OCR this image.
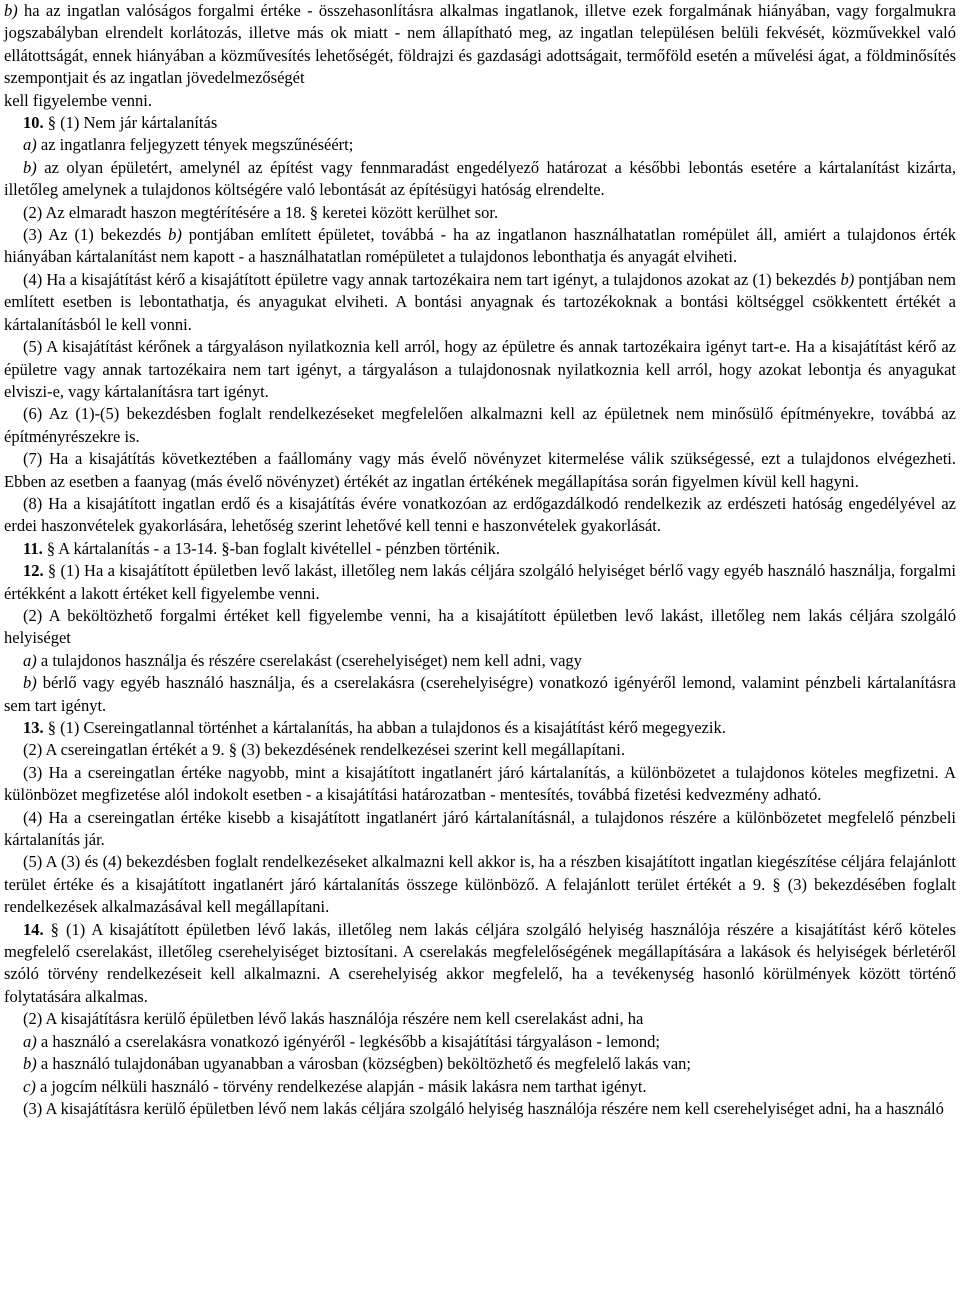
b) ha az ingatlan valóságos forgalmi értéke - összehasonlításra alkalmas ingatlanok, illetve ezek forgalmának hiányában, vagy forgalmukra jogszabályban elrendelt korlátozás, illetve más ok miatt - nem állapítható meg, az ingatlan településen belüli fekvését, közművekkel való ellátottságát, ennek hiányában a közművesítés lehetőségét, földrajzi és gazdasági adottságait, termőföld esetén a művelési ágat, a földminősítés szempontjait és az ingatlan jövedelmezőségét

kell figyelembe venni.

10. § (1) Nem jár kártalanítás

a) az ingatlanra feljegyzett tények megszűnéséért;

b) az olyan épületért, amelynél az építést vagy fennmaradást engedélyező határozat a későbbi lebontás esetére a kártalanítást kizárta, illetőleg amelynek a tulajdonos költségére való lebontását az építésügyi hatóság elrendelte.

(2) Az elmaradt haszon megtérítésére a 18. § keretei között kerülhet sor.

(3) Az (1) bekezdés b) pontjában említett épületet, továbbá - ha az ingatlanon használhatatlan romépület áll, amiért a tulajdonos érték hiányában kártalanítást nem kapott - a használhatatlan romépületet a tulajdonos lebonthatja és anyagát elviheti.

(4) Ha a kisajátítást kérő a kisajátított épületre vagy annak tartozékaira nem tart igényt, a tulajdonos azokat az (1) bekezdés b) pontjában nem említett esetben is lebontathatja, és anyagukat elviheti. A bontási anyagnak és tartozékoknak a bontási költséggel csökkentett értékét a kártalanításból le kell vonni.

(5) A kisajátítást kérőnek a tárgyaláson nyilatkoznia kell arról, hogy az épületre és annak tartozékaira igényt tart-e. Ha a kisajátítást kérő az épületre vagy annak tartozékaira nem tart igényt, a tárgyaláson a tulajdonosnak nyilatkoznia kell arról, hogy azokat lebontja és anyagukat elviszi-e, vagy kártalanításra tart igényt.

(6) Az (1)-(5) bekezdésben foglalt rendelkezéseket megfelelően alkalmazni kell az épületnek nem minősülő építményekre, továbbá az építményrészekre is.

(7) Ha a kisajátítás következtében a faállomány vagy más évelő növényzet kitermelése válik szükségessé, ezt a tulajdonos elvégezheti. Ebben az esetben a faanyag (más évelő növényzet) értékét az ingatlan értékének megállapítása során figyelmen kívül kell hagyni.

(8) Ha a kisajátított ingatlan erdő és a kisajátítás évére vonatkozóan az erdőgazdálkodó rendelkezik az erdészeti hatóság engedélyével az erdei haszonvételek gyakorlására, lehetőség szerint lehetővé kell tenni e haszonvételek gyakorlását.

11. § A kártalanítás - a 13-14. §-ban foglalt kivétellel - pénzben történik.

12. § (1) Ha a kisajátított épületben levő lakást, illetőleg nem lakás céljára szolgáló helyiséget bérlő vagy egyéb használó használja, forgalmi értékként a lakott értéket kell figyelembe venni.

(2) A beköltözhető forgalmi értéket kell figyelembe venni, ha a kisajátított épületben levő lakást, illetőleg nem lakás céljára szolgáló helyiséget

a) a tulajdonos használja és részére cserelakást (cserehelyiséget) nem kell adni, vagy

b) bérlő vagy egyéb használó használja, és a cserelakásra (cserehelyiségre) vonatkozó igényéről lemond, valamint pénzbeli kártalanításra sem tart igényt.

13. § (1) Csereingatlannal történhet a kártalanítás, ha abban a tulajdonos és a kisajátítást kérő megegyezik.

(2) A csereingatlan értékét a 9. § (3) bekezdésének rendelkezései szerint kell megállapítani.

(3) Ha a csereingatlan értéke nagyobb, mint a kisajátított ingatlanért járó kártalanítás, a különbözetet a tulajdonos köteles megfizetni. A különbözet megfizetése alól indokolt esetben - a kisajátítási határozatban - mentesítés, továbbá fizetési kedvezmény adható.

(4) Ha a csereingatlan értéke kisebb a kisajátított ingatlanért járó kártalanításnál, a tulajdonos részére a különbözetet megfelelő pénzbeli kártalanítás jár.

(5) A (3) és (4) bekezdésben foglalt rendelkezéseket alkalmazni kell akkor is, ha a részben kisajátított ingatlan kiegészítése céljára felajánlott terület értéke és a kisajátított ingatlanért járó kártalanítás összege különböző. A felajánlott terület értékét a 9. § (3) bekezdésében foglalt rendelkezések alkalmazásával kell megállapítani.

14. § (1) A kisajátított épületben lévő lakás, illetőleg nem lakás céljára szolgáló helyiség használója részére a kisajátítást kérő köteles megfelelő cserelakást, illetőleg cserehelyiséget biztosítani. A cserelakás megfelelőségének megállapítására a lakások és helyiségek bérletéről szóló törvény rendelkezéseit kell alkalmazni. A cserehelyiség akkor megfelelő, ha a tevékenység hasonló körülmények között történő folytatására alkalmas.

(2) A kisajátításra kerülő épületben lévő lakás használója részére nem kell cserelakást adni, ha

a) a használó a cserelakásra vonatkozó igényéről - legkésőbb a kisajátítási tárgyaláson - lemond;

b) a használó tulajdonában ugyanabban a városban (községben) beköltözhető és megfelelő lakás van;

c) a jogcím nélküli használó - törvény rendelkezése alapján - másik lakásra nem tarthat igényt.

(3) A kisajátításra kerülő épületben lévő nem lakás céljára szolgáló helyiség használója részére nem kell cserehelyiséget adni, ha a használó
